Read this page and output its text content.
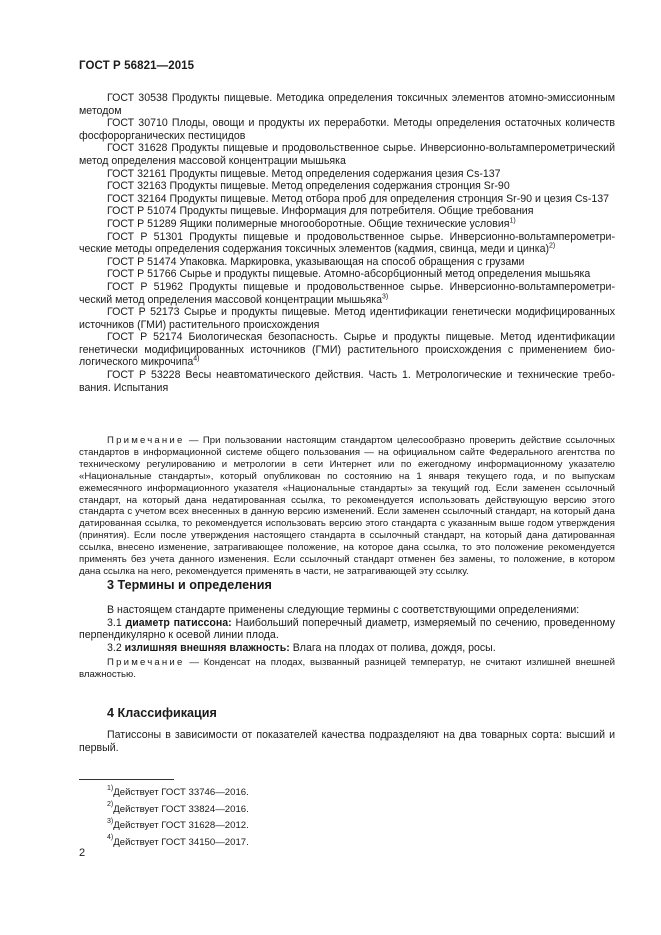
ГОСТ Р 56821—2015

ГОСТ 30538 Продукты пищевые. Методика определения токсичных элементов атомно-эмиссионным методом

ГОСТ 30710 Плоды, овощи и продукты их переработки. Методы определения остаточных количеств фосфорорганических пестицидов

ГОСТ 31628 Продукты пищевые и продовольственное сырье. Инверсионно-вольтамперометрический метод определения массовой концентрации мышьяка

ГОСТ 32161 Продукты пищевые. Метод определения содержания цезия Cs-137

ГОСТ 32163 Продукты пищевые. Метод определения содержания стронция Sr-90

ГОСТ 32164 Продукты пищевые. Метод отбора проб для определения стронция Sr-90 и цезия Cs-137

ГОСТ Р 51074 Продукты пищевые. Информация для потребителя. Общие требования

ГОСТ Р 51289 Ящики полимерные многооборотные. Общие технические условия$^{1)}$

ГОСТ Р 51301 Продукты пищевые и продовольственное сырье. Инверсионно-вольтамперометрические методы определения содержания токсичных элементов (кадмия, свинца, меди и цинка)$^{2)}$

ГОСТ Р 51474 Упаковка. Маркировка, указывающая на способ обращения с грузами

ГОСТ Р 51766 Сырье и продукты пищевые. Атомно-абсорбционный метод определения мышьяка

ГОСТ Р 51962 Продукты пищевые и продовольственное сырье. Инверсионно-вольтамперометрический метод определения массовой концентрации мышьяка$^{3)}$

ГОСТ Р 52173 Сырье и продукты пищевые. Метод идентификации генетически модифицированных источников (ГМИ) растительного происхождения

ГОСТ Р 52174 Биологическая безопасность. Сырье и продукты пищевые. Метод идентификации генетически модифицированных источников (ГМИ) растительного происхождения с применением биологического микрочипа$^{4)}$

ГОСТ Р 53228 Весы неавтоматического действия. Часть 1. Метрологические и технические требования. Испытания

Примечание — При пользовании настоящим стандартом целесообразно проверить действие ссылочных стандартов в информационной системе общего пользования — на официальном сайте Федерального агентства по техническому регулированию и метрологии в сети Интернет или по ежегодному информационному указателю «Национальные стандарты», который опубликован по состоянию на 1 января текущего года, и по выпускам ежемесячного информационного указателя «Национальные стандарты» за текущий год. Если заменен ссылочный стандарт, на который дана недатированная ссылка, то рекомендуется использовать действующую версию этого стандарта с учетом всех внесенных в данную версию изменений. Если заменен ссылочный стандарт, на который дана датированная ссылка, то рекомендуется использовать версию этого стандарта с указанным выше годом утверждения (принятия). Если после утверждения настоящего стандарта в ссылочный стандарт, на который дана датированная ссылка, внесено изменение, затрагивающее положение, на которое дана ссылка, то это положение рекомендуется применять без учета данного изменения. Если ссылочный стандарт отменен без замены, то положение, в котором дана ссылка на него, рекомендуется применять в части, не затрагивающей эту ссылку.

3 Термины и определения

В настоящем стандарте применены следующие термины с соответствующими определениями:

3.1 диаметр патиссона: Наибольший поперечный диаметр, измеряемый по сечению, проведенному перпендикулярно к осевой линии плода.

3.2 излишняя внешняя влажность: Влага на плодах от полива, дождя, росы.

Примечание — Конденсат на плодах, вызванный разницей температур, не считают излишней внешней влажностью.

4 Классификация

Патиссоны в зависимости от показателей качества подразделяют на два товарных сорта: высший и первый.

$^{1)}$Действует ГОСТ 33746—2016.
$^{2)}$Действует ГОСТ 33824—2016.
$^{3)}$Действует ГОСТ 31628—2012.
$^{4)}$Действует ГОСТ 34150—2017.
2
